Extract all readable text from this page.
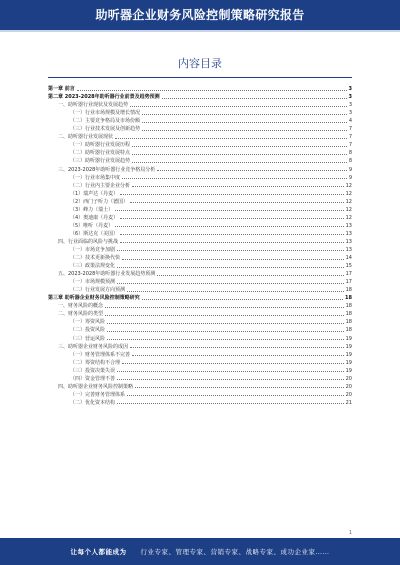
助听器企业财务风险控制策略研究报告
内容目录
第一章 前言	3
第二章 2023-2028年助听器行业前景及趋势预测	3
一、助听器行业现状及发展趋势	3
（一）行业市场规模及增长情况	3
（二）主要竞争格局及市场份额	4
（三）行业技术发展及创新趋势	7
二、助听器行业发展现状	7
（一）助听器行业发展历程	7
（二）助听器行业发展特点	8
（三）助听器行业发展趋势	8
三、2023-2028年助听器行业竞争格局分析	9
（一）行业市场集中度	9
（二）行业内主要企业分析	12
（1）瑞声达（丹麦）	12
（2）西门子听力（德国）	12
（3）峰力（瑞士）	12
（4）奥迪康（丹麦）	12
（5）唯听（丹麦）	13
（6）斯达克（美国）	13
四、行业面临的风险与挑战	13
（一）市场竞争加剧	13
（二）技术更新换代快	14
（三）政策法规变化	15
五、2023-2028年助听器行业发展趋势预测	17
（一）市场规模预测	17
（二）行业发展方向预测	18
第三章 助听器企业财务风险控制策略研究	18
一、财务风险的概念	18
二、财务风险的类型	18
（一）筹资风险	18
（二）投资风险	18
（三）营运风险	19
三、助听器企业财务风险的成因	19
（一）财务管理体系不完善	19
（二）筹资结构不合理	19
（三）投资决策失误	19
（四）资金管理不善	20
四、助听器企业财务风险控制策略	20
（一）完善财务管理体系	20
（二）优化资本结构	21
1
让每个人都能成为 行业专家、管理专家、营销专家、战略专家、成功企业家……
